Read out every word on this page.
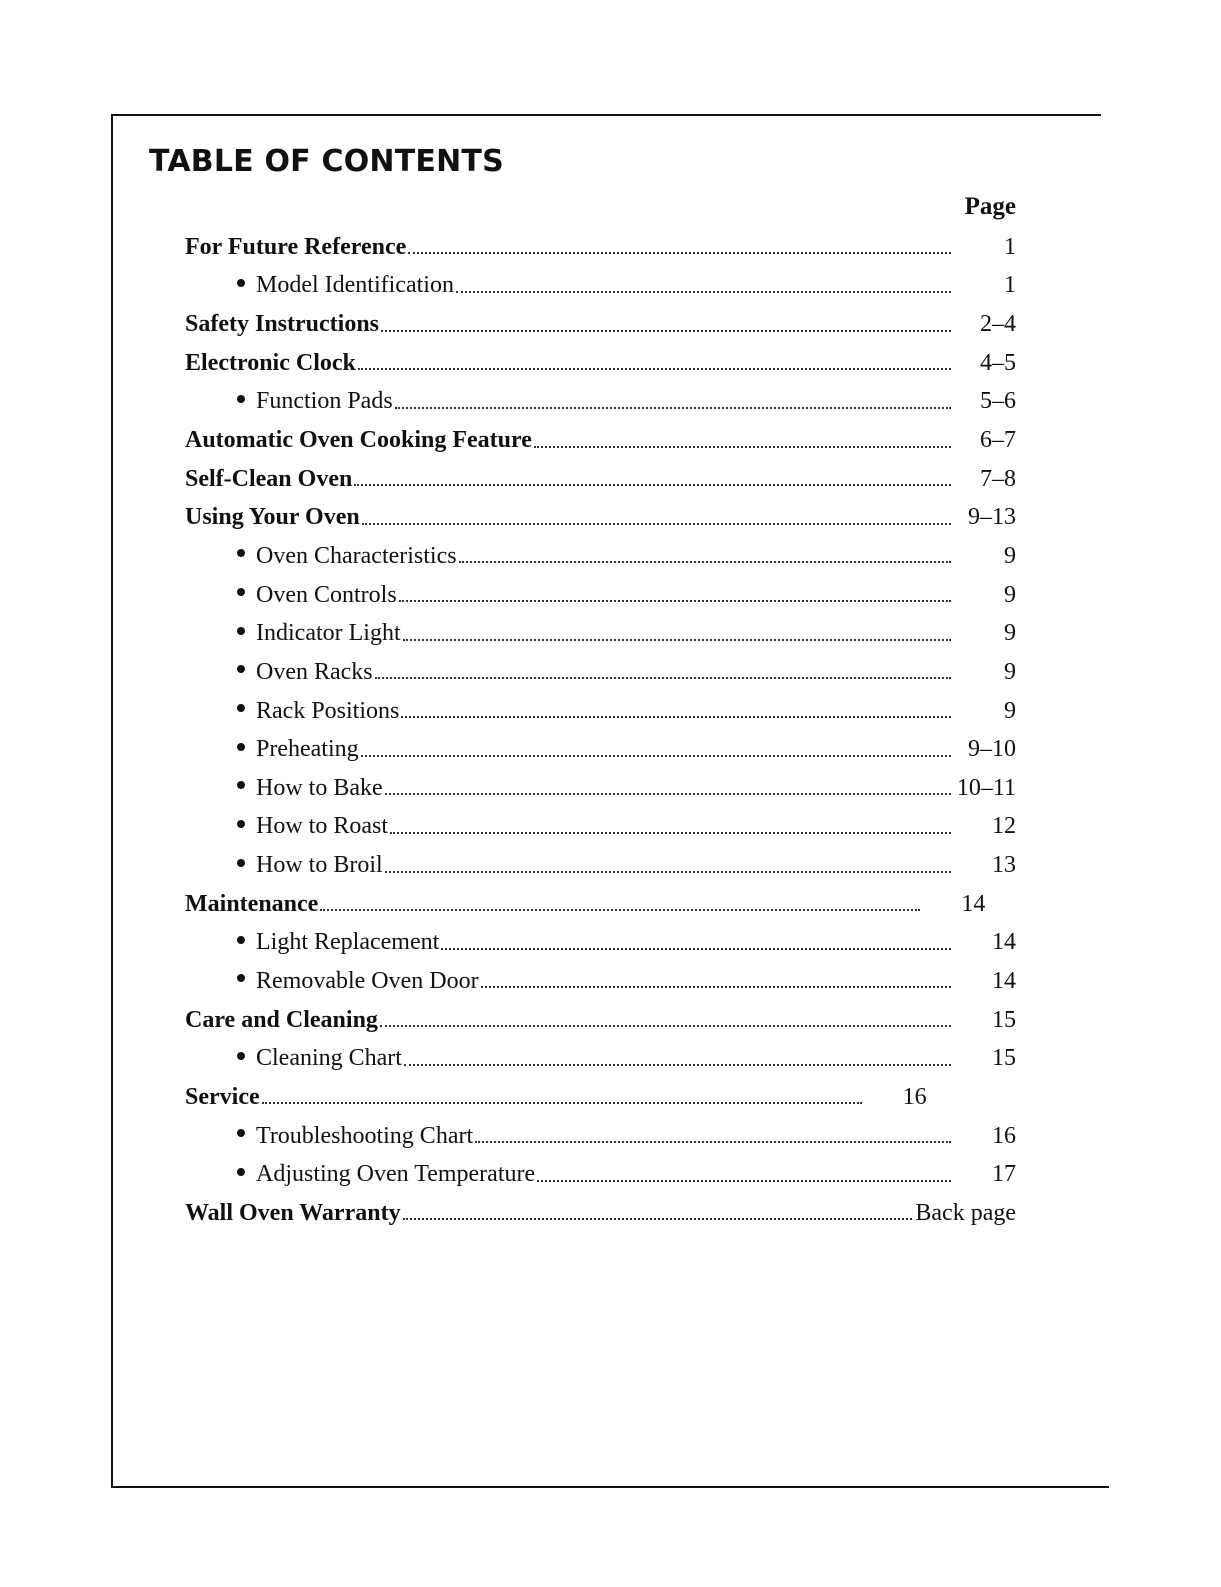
TABLE OF CONTENTS
Page
For Future Reference	1
Model Identification	1
Safety Instructions	2–4
Electronic Clock	4–5
Function Pads	5–6
Automatic Oven Cooking Feature	6–7
Self-Clean Oven	7–8
Using Your Oven	9–13
Oven Characteristics	9
Oven Controls	9
Indicator Light	9
Oven Racks	9
Rack Positions	9
Preheating	9–10
How to Bake	10–11
How to Roast	12
How to Broil	13
Maintenance	14
Light Replacement	14
Removable Oven Door	14
Care and Cleaning	15
Cleaning Chart	15
Service	16
Troubleshooting Chart	16
Adjusting Oven Temperature	17
Wall Oven Warranty	Back page
